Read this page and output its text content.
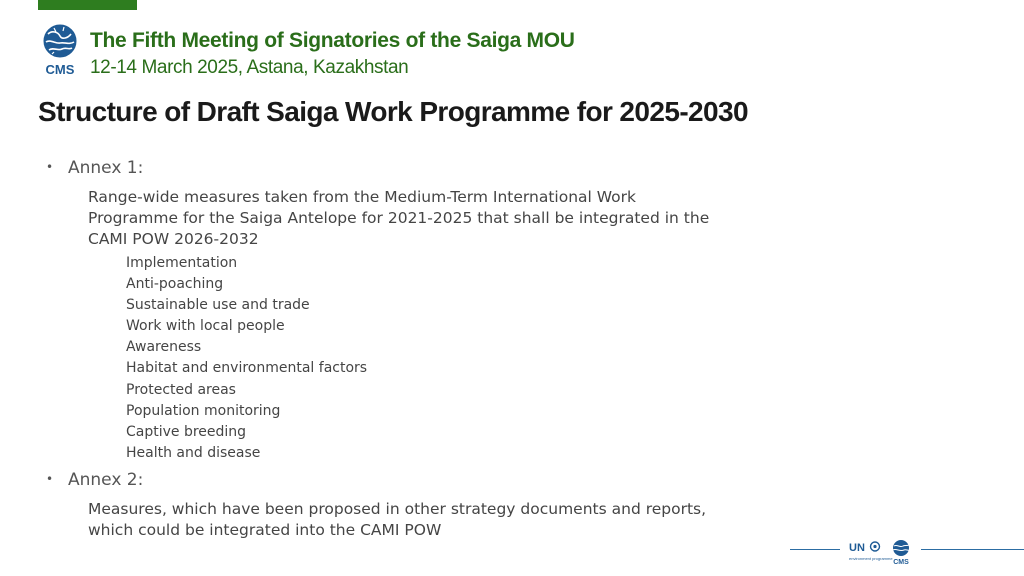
CMS
The Fifth Meeting of Signatories of the Saiga MOU
12-14 March 2025, Astana, Kazakhstan
Structure of Draft Saiga Work Programme for 2025-2030
• Annex 1:
Range-wide measures taken from the Medium-Term International Work Programme for the Saiga Antelope for 2021-2025 that shall be integrated in the CAMI POW 2026-2032
Implementation
Anti-poaching
Sustainable use and trade
Work with local people
Awareness
Habitat and environmental factors
Protected areas
Population monitoring
Captive breeding
Health and disease
• Annex 2:
Measures, which have been proposed in other strategy documents and reports, which could be integrated into the CAMI POW
UN
environment programme
CMS
